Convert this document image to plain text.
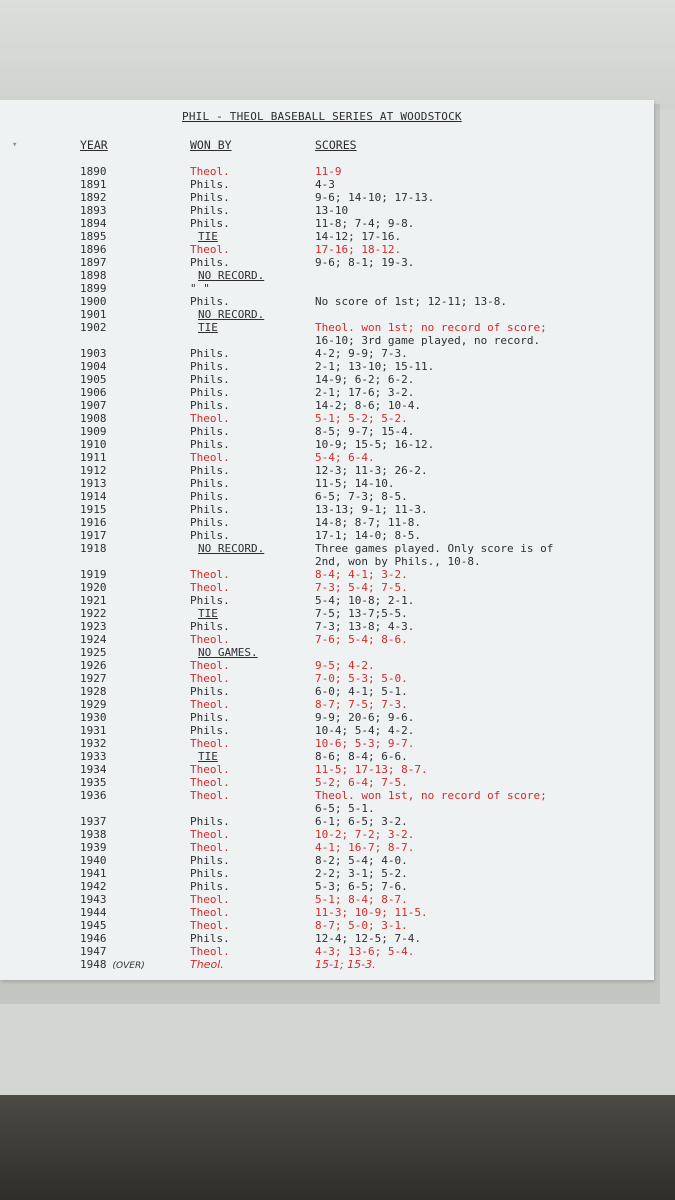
▾
PHIL - THEOL BASEBALL SERIES AT WOODSTOCK
YEAR	WON BY	SCORES
1890	Theol.	11-9
1891	Phils.	4-3
1892	Phils.	9-6; 14-10; 17-13.
1893	Phils.	13-10
1894	Phils.	11-8; 7-4; 9-8.
1895	TIE	14-12; 17-16.
1896	Theol.	17-16; 18-12.
1897	Phils.	9-6; 8-1; 19-3.
1898	NO RECORD.
1899	" "
1900	Phils.	No score of 1st; 12-11; 13-8.
1901	NO RECORD.
1902	TIE	Theol. won 1st; no record of score;
16-10; 3rd game played, no record.
1903	Phils.	4-2; 9-9; 7-3.
1904	Phils.	2-1; 13-10; 15-11.
1905	Phils.	14-9; 6-2; 6-2.
1906	Phils.	2-1; 17-6; 3-2.
1907	Phils.	14-2; 8-6; 10-4.
1908	Theol.	5-1; 5-2; 5-2.
1909	Phils.	8-5; 9-7; 15-4.
1910	Phils.	10-9; 15-5; 16-12.
1911	Theol.	5-4; 6-4.
1912	Phils.	12-3; 11-3; 26-2.
1913	Phils.	11-5; 14-10.
1914	Phils.	6-5; 7-3; 8-5.
1915	Phils.	13-13; 9-1; 11-3.
1916	Phils.	14-8; 8-7; 11-8.
1917	Phils.	17-1; 14-0; 8-5.
1918	NO RECORD.	Three games played. Only score is of
2nd, won by Phils., 10-8.
1919	Theol.	8-4; 4-1; 3-2.
1920	Theol.	7-3; 5-4; 7-5.
1921	Phils.	5-4; 10-8; 2-1.
1922	TIE	7-5; 13-7;5-5.
1923	Phils.	7-3; 13-8; 4-3.
1924	Theol.	7-6; 5-4; 8-6.
1925	NO GAMES.
1926	Theol.	9-5; 4-2.
1927	Theol.	7-0; 5-3; 5-0.
1928	Phils.	6-0; 4-1; 5-1.
1929	Theol.	8-7; 7-5; 7-3.
1930	Phils.	9-9; 20-6; 9-6.
1931	Phils.	10-4; 5-4; 4-2.
1932	Theol.	10-6; 5-3; 9-7.
1933	TIE	8-6; 8-4; 6-6.
1934	Theol.	11-5; 17-13; 8-7.
1935	Theol.	5-2; 6-4; 7-5.
1936	Theol.	Theol. won 1st, no record of score;
6-5; 5-1.
1937	Phils.	6-1; 6-5; 3-2.
1938	Theol.	10-2; 7-2; 3-2.
1939	Theol.	4-1; 16-7; 8-7.
1940	Phils.	8-2; 5-4; 4-0.
1941	Phils.	2-2; 3-1; 5-2.
1942	Phils.	5-3; 6-5; 7-6.
1943	Theol.	5-1; 8-4; 8-7.
1944	Theol.	11-3; 10-9; 11-5.
1945	Theol.	8-7; 5-0; 3-1.
1946	Phils.	12-4; 12-5; 7-4.
1947	Theol.	4-3; 13-6; 5-4.
1948 (OVER)	Theol.	15-1; 15-3.
